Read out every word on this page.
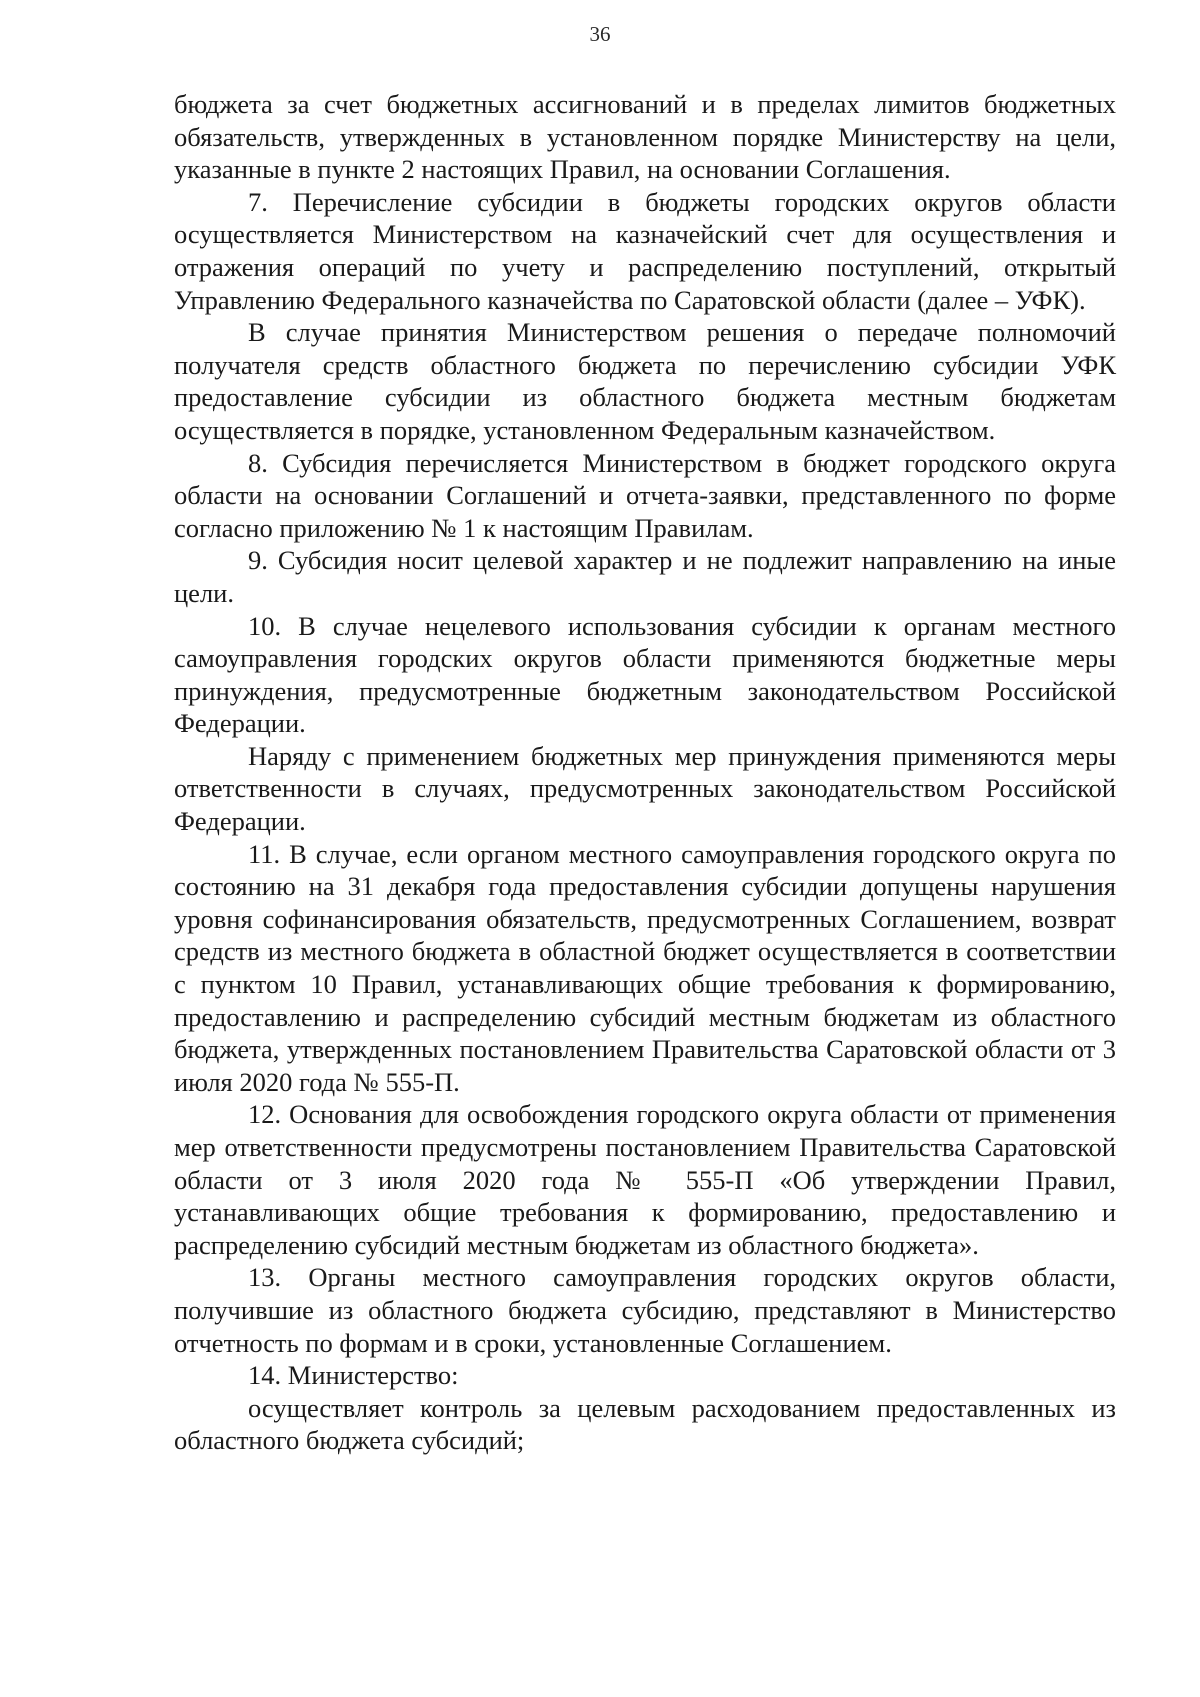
36

бюджета за счет бюджетных ассигнований и в пределах лимитов бюджетных обязательств, утвержденных в установленном порядке Министерству на цели, указанные в пункте 2 настоящих Правил, на основании Соглашения.

7. Перечисление субсидии в бюджеты городских округов области осуществляется Министерством на казначейский счет для осуществления и отражения операций по учету и распределению поступлений, открытый Управлению Федерального казначейства по Саратовской области (далее – УФК).

В случае принятия Министерством решения о передаче полномочий получателя средств областного бюджета по перечислению субсидии УФК предоставление субсидии из областного бюджета местным бюджетам осуществляется в порядке, установленном Федеральным казначейством.

8. Субсидия перечисляется Министерством в бюджет городского округа области на основании Соглашений и отчета-заявки, представленного по форме согласно приложению № 1 к настоящим Правилам.

9. Субсидия носит целевой характер и не подлежит направлению на иные цели.

10. В случае нецелевого использования субсидии к органам местного самоуправления городских округов области применяются бюджетные меры принуждения, предусмотренные бюджетным законодательством Российской Федерации.

Наряду с применением бюджетных мер принуждения применяются меры ответственности в случаях, предусмотренных законодательством Российской Федерации.

11. В случае, если органом местного самоуправления городского округа по состоянию на 31 декабря года предоставления субсидии допущены нарушения уровня софинансирования обязательств, предусмотренных Соглашением, возврат средств из местного бюджета в областной бюджет осуществляется в соответствии с пунктом 10 Правил, устанавливающих общие требования к формированию, предоставлению и распределению субсидий местным бюджетам из областного бюджета, утвержденных постановлением Правительства Саратовской области от 3 июля 2020 года № 555-П.

12. Основания для освобождения городского округа области от применения мер ответственности предусмотрены постановлением Правительства Саратовской области от 3 июля 2020 года № 555-П «Об утверждении Правил, устанавливающих общие требования к формированию, предоставлению и распределению субсидий местным бюджетам из областного бюджета».

13. Органы местного самоуправления городских округов области, получившие из областного бюджета субсидию, представляют в Министерство отчетность по формам и в сроки, установленные Соглашением.

14. Министерство:

осуществляет контроль за целевым расходованием предоставленных из областного бюджета субсидий;
